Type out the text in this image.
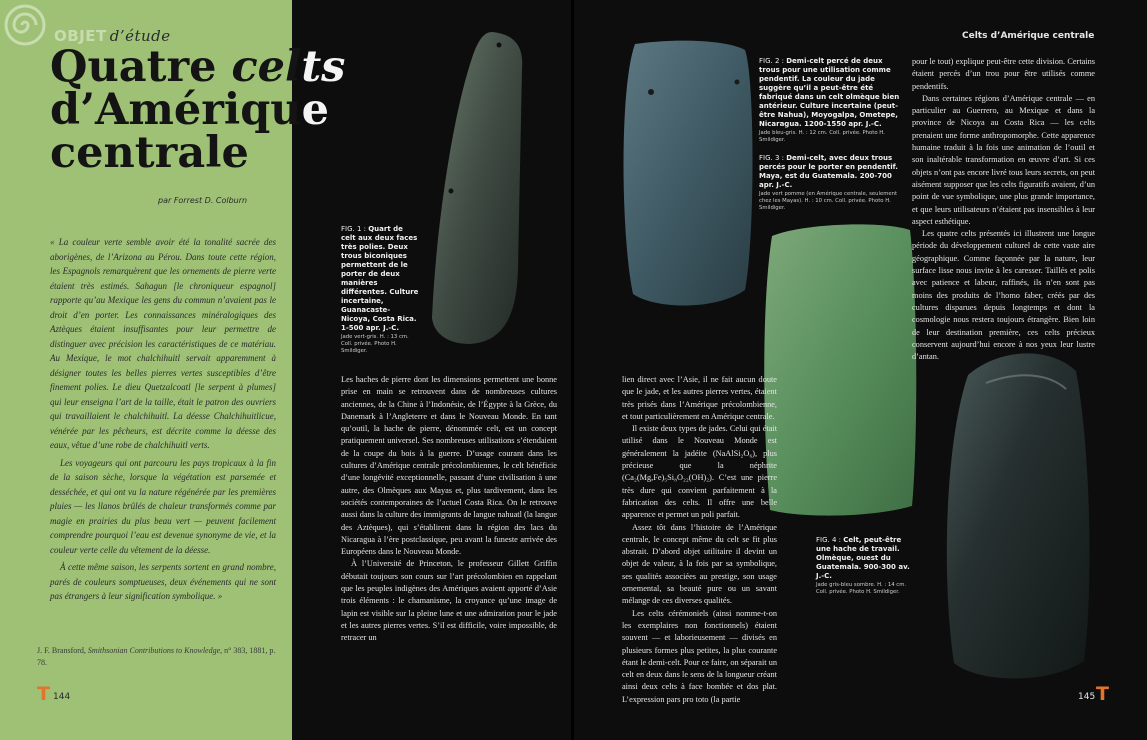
OBJET d’étude
Quatre celts
d’Amérique
centrale
par Forrest D. Colburn

« La couleur verte semble avoir été la tonalité sacrée des aborigènes, de l’Arizona au Pérou. Dans toute cette région, les Espagnols remarquèrent que les ornements de pierre verte étaient très estimés. Sahagun [le chroniqueur espagnol] rapporte qu’au Mexique les gens du commun n’avaient pas le droit d’en porter. Les connaissances minéralogiques des Aztèques étaient insuffisantes pour leur permettre de distinguer avec précision les caractéristiques de ce matériau. Au Mexique, le mot chalchihuitl servait apparemment à désigner toutes les belles pierres vertes susceptibles d’être finement polies. Le dieu Quetzalcoatl [le serpent à plumes] qui leur enseigna l’art de la taille, était le patron des ouvriers qui travaillaient le chalchihuitl. La déesse Chalchihuitlicue, vénérée par les pêcheurs, est décrite comme la déesse des eaux, vêtue d’une robe de chalchihuitl verts.

Les voyageurs qui ont parcouru les pays tropicaux à la fin de la saison sèche, lorsque la végétation est parsemée et desséchée, et qui ont vu la nature régénérée par les premières pluies — les llanos brûlés de chaleur transformés comme par magie en prairies du plus beau vert — peuvent facilement comprendre pourquoi l’eau est devenue synonyme de vie, et la couleur verte celle du vêtement de la déesse.

À cette même saison, les serpents sortent en grand nombre, parés de couleurs somptueuses, deux événements qui ne sont pas étrangers à leur signification symbolique. »

J. F. Bransford, Smithsonian Contributions to Knowledge, n° 383, 1881, p. 78.
T 144
FIG. 1 : Quart de celt aux deux faces très polies. Deux trous biconiques permettent de le porter de deux manières différentes. Culture incertaine, Guanacaste-Nicoya, Costa Rica. 1-500 apr. J.-C.
Jade vert-gris. H. : 13 cm. Coll. privée. Photo H. Smildiger.
FIG. 2 : Demi-celt percé de deux trous pour une utilisation comme pendentif. La couleur du jade suggère qu’il a peut-être été fabriqué dans un celt olmèque bien antérieur. Culture incertaine (peut-être Nahua), Moyogalpa, Ometepe, Nicaragua. 1200-1550 apr. J.-C.
Jade bleu-gris. H. : 12 cm. Coll. privée. Photo H. Smildiger.
FIG. 3 : Demi-celt, avec deux trous percés pour le porter en pendentif. Maya, est du Guatemala. 200-700 apr. J.-C.
Jade vert pomme (en Amérique centrale, seulement chez les Mayas). H. : 10 cm. Coll. privée. Photo H. Smildiger.
FIG. 4 : Celt, peut-être une hache de travail. Olmèque, ouest du Guatemala. 900-300 av. J.-C.
Jade gris-bleu sombre. H. : 14 cm. Coll. privée. Photo H. Smildiger.

Les haches de pierre dont les dimensions permettent une bonne prise en main se retrouvent dans de nombreuses cultures anciennes, de la Chine à l’Indonésie, de l’Égypte à la Grèce, du Danemark à l’Angleterre et dans le Nouveau Monde. En tant qu’outil, la hache de pierre, dénommée celt, est un concept pratiquement universel. Ses nombreuses utilisations s’étendaient de la coupe du bois à la guerre. D’usage courant dans les cultures d’Amérique centrale précolombiennes, le celt bénéficie d’une longévité exceptionnelle, passant d’une civilisation à une autre, des Olmèques aux Mayas et, plus tardivement, dans les sociétés contemporaines de l’actuel Costa Rica. On le retrouve aussi dans la culture des immigrants de langue nahuatl (la langue des Aztèques), qui s’établirent dans la région des lacs du Nicaragua à l’ère postclassique, peu avant la funeste arrivée des Européens dans le Nouveau Monde.

À l’Université de Princeton, le professeur Gillett Griffin débutait toujours son cours sur l’art précolombien en rappelant que les peuples indigènes des Amériques avaient apporté d’Asie trois éléments : le chamanisme, la croyance qu’une image de lapin est visible sur la pleine lune et une admiration pour le jade et les autres pierres vertes. S’il est difficile, voire impossible, de retracer un

lien direct avec l’Asie, il ne fait aucun doute que le jade, et les autres pierres vertes, étaient très prisés dans l’Amérique précolombienne, et tout particulièrement en Amérique centrale.

Il existe deux types de jades. Celui qui était utilisé dans le Nouveau Monde est généralement la jadéite (NaAlSi₂O₆), plus précieuse que la néphrite (Ca₂(Mg,Fe)₅Si₈O₂₂(OH)₂). C’est une pierre très dure qui convient parfaitement à la fabrication des celts. Il offre une belle apparence et permet un poli parfait.

Assez tôt dans l’histoire de l’Amérique centrale, le concept même du celt se fit plus abstrait. D’abord objet utilitaire il devint un objet de valeur, à la fois par sa symbolique, ses qualités associées au prestige, son usage ornemental, sa beauté pure ou un savant mélange de ces diverses qualités.

Les celts cérémoniels (ainsi nomme-t-on les exemplaires non fonctionnels) étaient souvent — et laborieusement — divisés en plusieurs formes plus petites, la plus courante étant le demi-celt. Pour ce faire, on séparait un celt en deux dans le sens de la longueur créant ainsi deux celts à face bombée et dos plat. L’expression pars pro toto (la partie

pour le tout) explique peut-être cette division. Certains étaient percés d’un trou pour être utilisés comme pendentifs.

Dans certaines régions d’Amérique centrale — en particulier au Guerrero, au Mexique et dans la province de Nicoya au Costa Rica — les celts prenaient une forme anthropomorphe. Cette apparence humaine traduit à la fois une animation de l’outil et son inaltérable transformation en œuvre d’art. Si ces objets n’ont pas encore livré tous leurs secrets, on peut aisément supposer que les celts figuratifs avaient, d’un point de vue symbolique, une plus grande importance, et que leurs utilisateurs n’étaient pas insensibles à leur aspect esthétique.

Les quatre celts présentés ici illustrent une longue période du développement culturel de cette vaste aire géographique. Comme façonnée par la nature, leur surface lisse nous invite à les caresser. Taillés et polis avec patience et labeur, raffinés, ils n’en sont pas moins des produits de l’homo faber, créés par des cultures disparues depuis longtemps et dont la cosmologie nous restera toujours étrangère. Bien loin de leur destination première, ces celts précieux conservent aujourd’hui encore à nos yeux leur lustre d’antan.

Celts d’Amérique centrale
145 T
